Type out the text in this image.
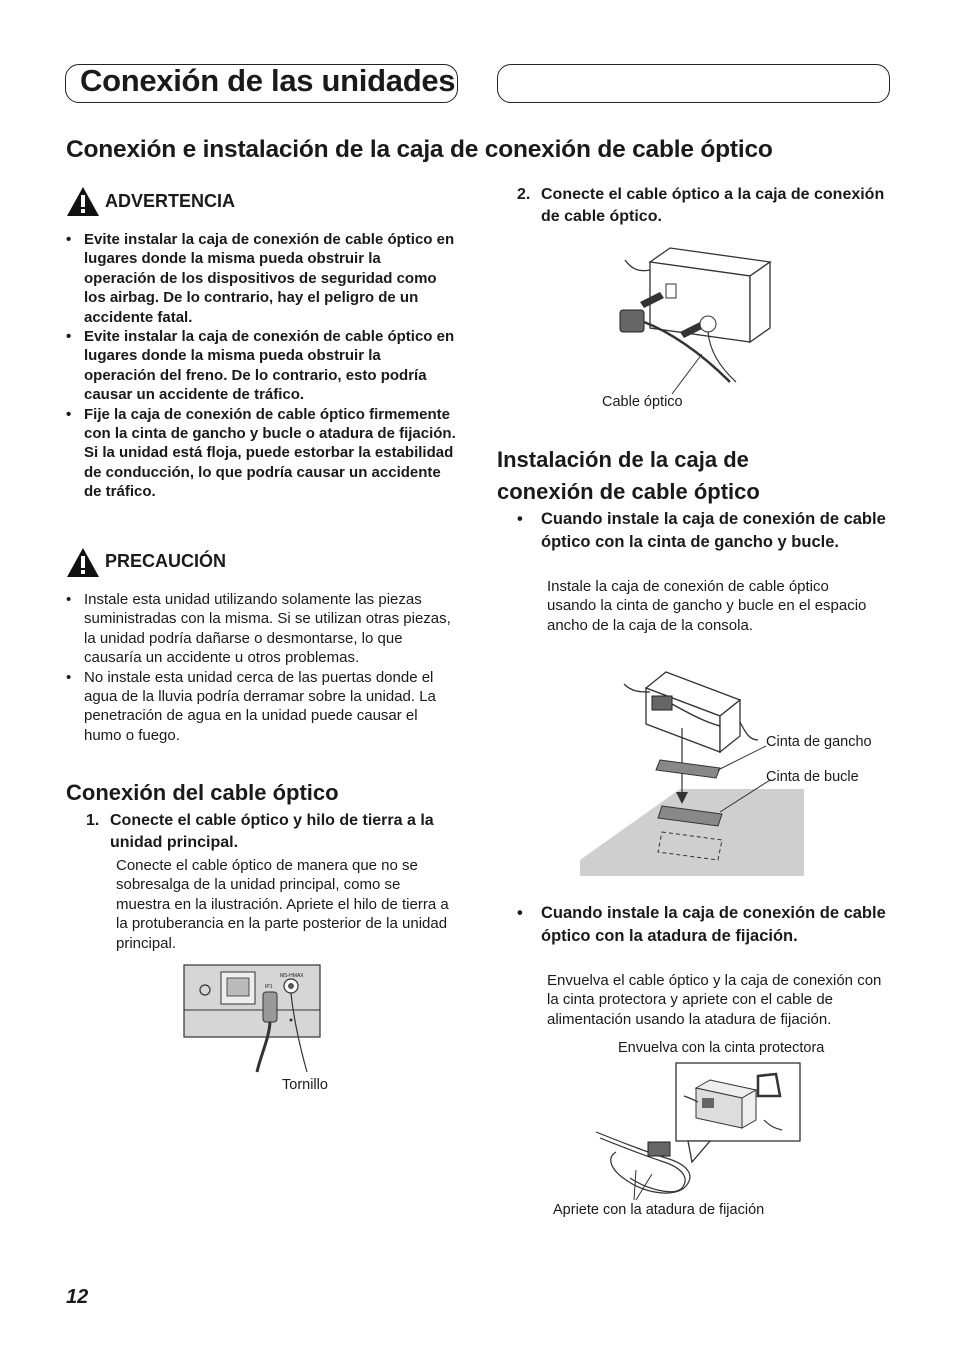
Conexión de las unidades
Conexión e instalación de la caja de conexión de cable óptico
ADVERTENCIA
• Evite instalar la caja de conexión de cable óptico en lugares donde la misma pueda obstruir la operación de los dispositivos de seguridad como los airbag. De lo contrario, hay el peligro de un accidente fatal.
• Evite instalar la caja de conexión de cable óptico en lugares donde la misma pueda obstruir la operación del freno. De lo contrario, esto podría causar un accidente de tráfico.
• Fije la caja de conexión de cable óptico firmemente con la cinta de gancho y bucle o atadura de fijación. Si la unidad está floja, puede estorbar la estabilidad de conducción, lo que podría causar un accidente de tráfico.
PRECAUCIÓN
• Instale esta unidad utilizando solamente las piezas suministradas con la misma. Si se utilizan otras piezas, la unidad podría dañarse o desmontarse, lo que causaría un accidente u otros problemas.
• No instale esta unidad cerca de las puertas donde el agua de la lluvia podría derramar sobre la unidad. La penetración de agua en la unidad puede causar el humo o fuego.
Conexión del cable óptico
1. Conecte el cable óptico y hilo de tierra a la unidad principal.
Conecte el cable óptico de manera que no se sobresalga de la unidad principal, como se muestra en la ilustración. Apriete el hilo de tierra a la protuberancia en la parte posterior de la unidad principal.
MS-HMAX
IP1
Tornillo
2. Conecte el cable óptico a la caja de conexión de cable óptico.
Cable óptico
Instalación de la caja de conexión de cable óptico
• Cuando instale la caja de conexión de cable óptico con la cinta de gancho y bucle.
Instale la caja de conexión de cable óptico usando la cinta de gancho y bucle en el espacio ancho de la caja de la consola.
Cinta de gancho
Cinta de bucle
• Cuando instale la caja de conexión de cable óptico con la atadura de fijación.
Envuelva el cable óptico y la caja de conexión con la cinta protectora y apriete con el cable de alimentación usando la atadura de fijación.
Envuelva con la cinta protectora
Apriete con la atadura de fijación
12
